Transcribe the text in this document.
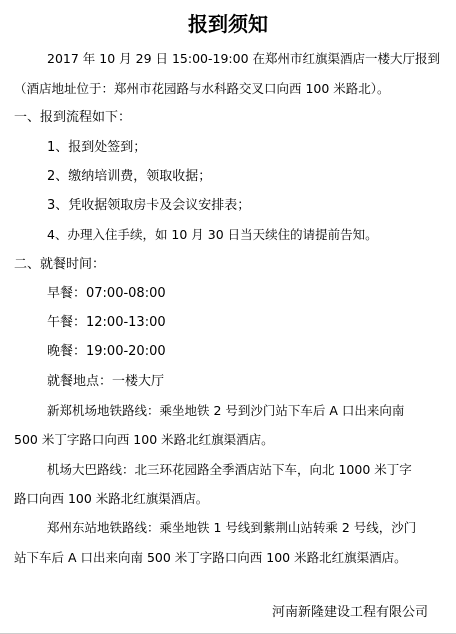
报到须知
2017 年 10 月 29 日 15:00-19:00 在郑州市红旗渠酒店一楼大厅报到
（酒店地址位于：郑州市花园路与水科路交叉口向西 100 米路北）。
一、报到流程如下：
1、报到处签到；
2、缴纳培训费，领取收据；
3、凭收据领取房卡及会议安排表；
4、办理入住手续，如 10 月 30 日当天续住的请提前告知。
二、就餐时间：
早餐：07:00-08:00
午餐：12:00-13:00
晚餐：19:00-20:00
就餐地点：一楼大厅
新郑机场地铁路线：乘坐地铁 2 号到沙门站下车后 A 口出来向南
500 米丁字路口向西 100 米路北红旗渠酒店。
机场大巴路线：北三环花园路全季酒店站下车，向北 1000 米丁字
路口向西 100 米路北红旗渠酒店。
郑州东站地铁路线：乘坐地铁 1 号线到紫荆山站转乘 2 号线，沙门
站下车后 A 口出来向南 500 米丁字路口向西 100 米路北红旗渠酒店。
河南新隆建设工程有限公司
